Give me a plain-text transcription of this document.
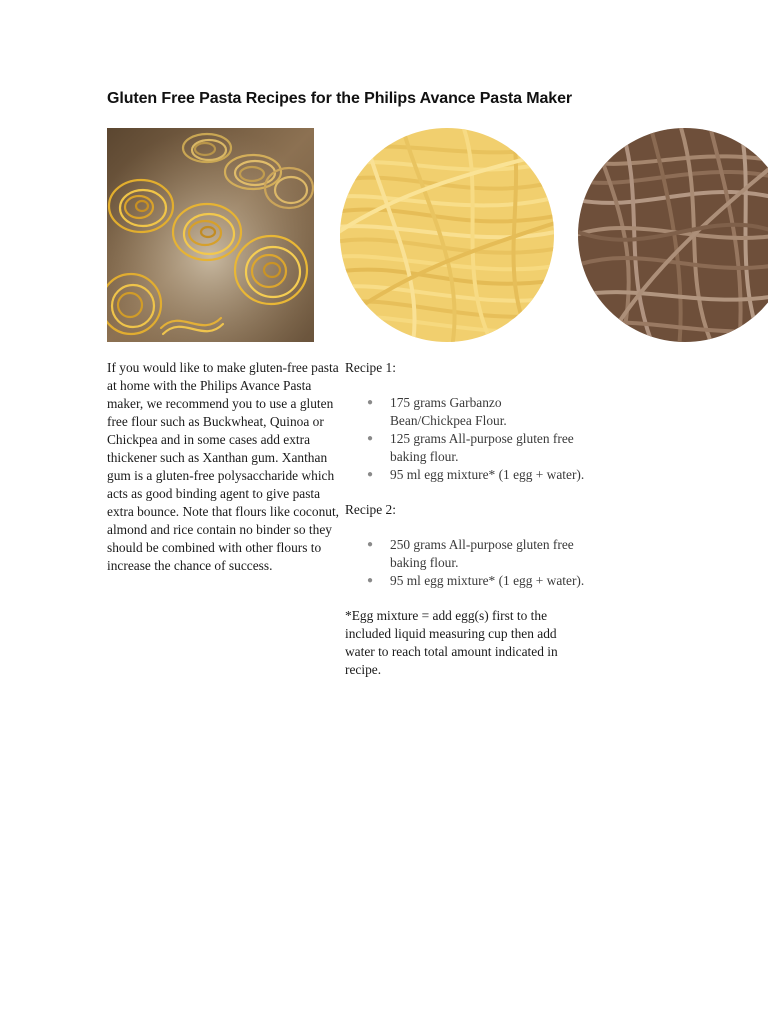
Gluten Free Pasta Recipes for the Philips Avance Pasta Maker
If you would like to make gluten-free pasta at home with the Philips Avance Pasta maker, we recommend you to use a gluten free flour such as Buckwheat, Quinoa or Chickpea and in some cases add extra thickener such as Xanthan gum. Xanthan gum is a gluten-free polysaccharide which acts as good binding agent to give pasta extra bounce. Note that flours like coconut, almond and rice contain no binder so they should be combined with other flours to increase the chance of success.
Recipe 1:
● 175 grams Garbanzo Bean/Chickpea Flour.
● 125 grams All-purpose gluten free baking flour.
● 95 ml egg mixture* (1 egg + water).
Recipe 2:
● 250 grams All-purpose gluten free baking flour.
● 95 ml egg mixture* (1 egg + water).

*Egg mixture = add egg(s) first to the included liquid measuring cup then add water to reach total amount indicated in recipe.
